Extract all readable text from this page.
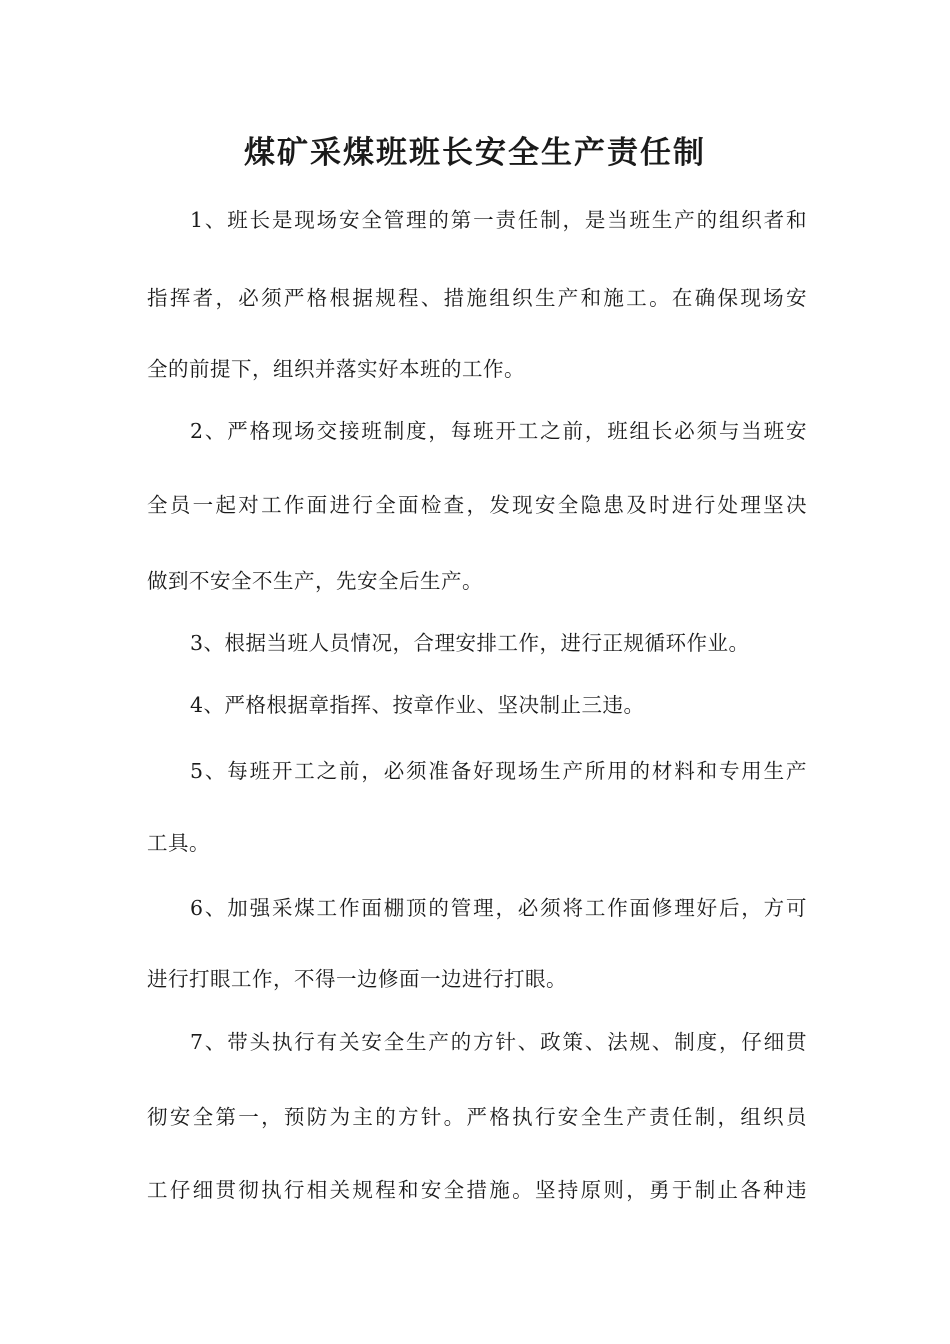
煤矿采煤班班长安全生产责任制
1、班长是现场安全管理的第一责任制，是当班生产的组织者和
指挥者，必须严格根据规程、措施组织生产和施工。在确保现场安
全的前提下，组织并落实好本班的工作。
2、严格现场交接班制度，每班开工之前，班组长必须与当班安
全员一起对工作面进行全面检查，发现安全隐患及时进行处理坚决
做到不安全不生产，先安全后生产。
3、根据当班人员情况，合理安排工作，进行正规循环作业。
4、严格根据章指挥、按章作业、坚决制止三违。
5、每班开工之前，必须准备好现场生产所用的材料和专用生产
工具。
6、加强采煤工作面棚顶的管理，必须将工作面修理好后，方可
进行打眼工作，不得一边修面一边进行打眼。
7、带头执行有关安全生产的方针、政策、法规、制度，仔细贯
彻安全第一，预防为主的方针。严格执行安全生产责任制，组织员
工仔细贯彻执行相关规程和安全措施。坚持原则，勇于制止各种违
